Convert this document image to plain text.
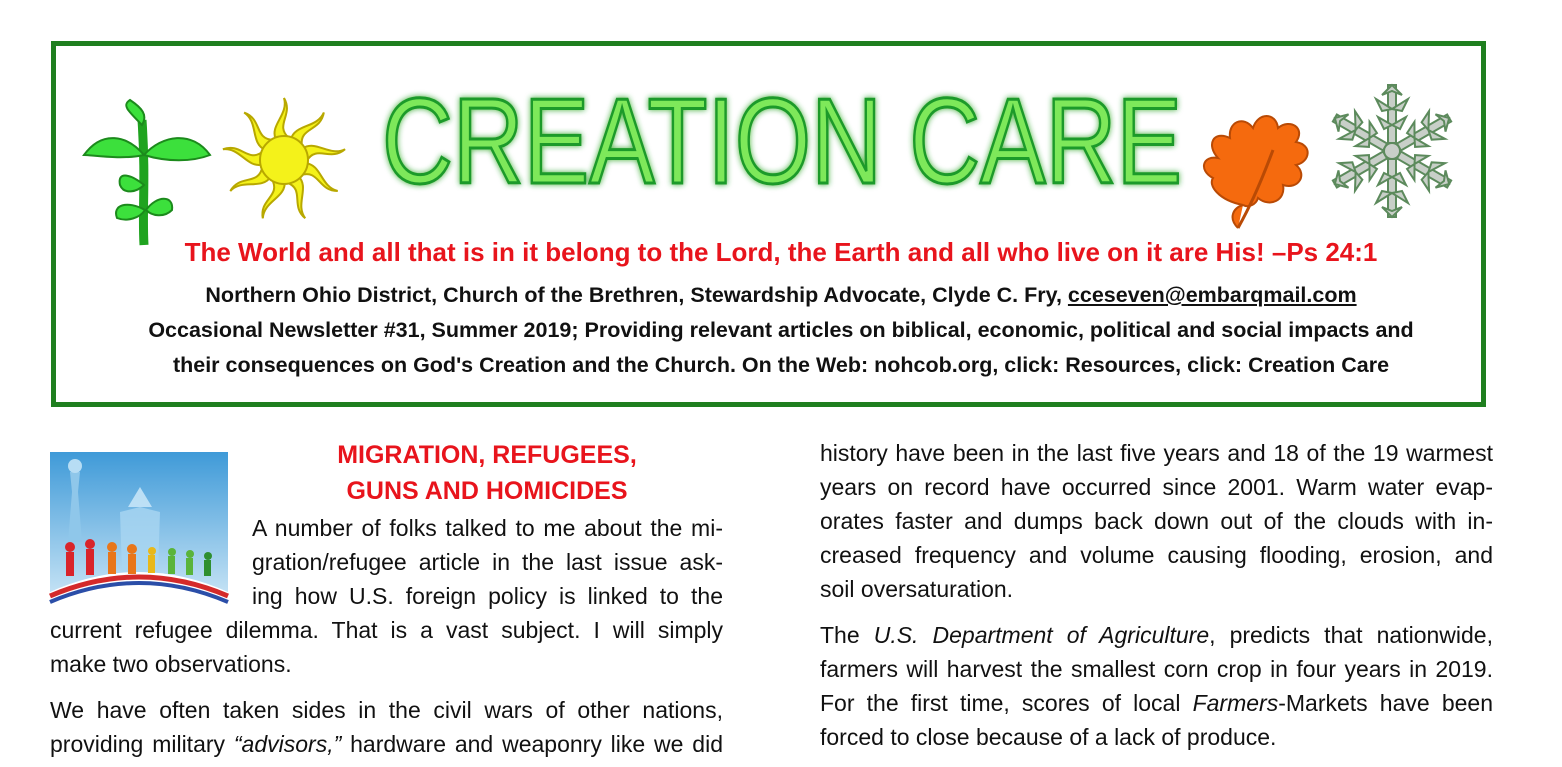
CREATION CARE
The World and all that is in it belong to the Lord, the Earth and all who live on it are His! –Ps 24:1
Northern Ohio District, Church of the Brethren, Stewardship Advocate, Clyde C. Fry, cceseven@embarqmail.com
Occasional Newsletter #31, Summer 2019; Providing relevant articles on biblical, economic, political and social impacts and
their consequences on God's Creation and the Church. On the Web: nohcob.org, click: Resources, click: Creation Care
MIGRATION, REFUGEES,
GUNS AND HOMICIDES
A number of folks talked to me about the mi-
gration/refugee article in the last issue ask-
ing how U.S. foreign policy is linked to the
current refugee dilemma. That is a vast subject. I will simply
make two observations.
We have often taken sides in the civil wars of other nations,
providing military “advisors,” hardware and weaponry like we did
history have been in the last five years and 18 of the 19 warmest
years on record have occurred since 2001. Warm water evap-
orates faster and dumps back down out of the clouds with in-
creased frequency and volume causing flooding, erosion, and
soil oversaturation.
The U.S. Department of Agriculture, predicts that nationwide,
farmers will harvest the smallest corn crop in four years in 2019.
For the first time, scores of local Farmers-Markets have been
forced to close because of a lack of produce.
